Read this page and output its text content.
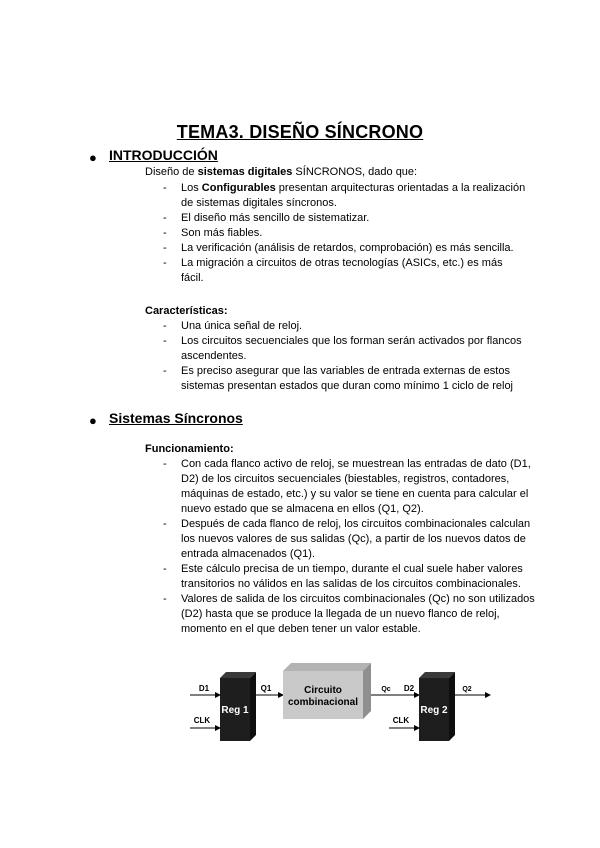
TEMA3. DISEÑO SÍNCRONO
● INTRODUCCIÓN
Diseño de sistemas digitales SÍNCRONOS, dado que:
- Los Configurables presentan arquitecturas orientadas a la realización de sistemas digitales síncronos.
- El diseño más sencillo de sistematizar.
- Son más fiables.
- La verificación (análisis de retardos, comprobación) es más sencilla.
- La migración a circuitos de otras tecnologías (ASICs, etc.) es más fácil.
Características:
- Una única señal de reloj.
- Los circuitos secuenciales que los forman serán activados por flancos ascendentes.
- Es preciso asegurar que las variables de entrada externas de estos sistemas presentan estados que duran como mínimo 1 ciclo de reloj
● Sistemas Síncronos
Funcionamiento:
- Con cada flanco activo de reloj, se muestrean las entradas de dato (D1, D2) de los circuitos secuenciales (biestables, registros, contadores, máquinas de estado, etc.) y su valor se tiene en cuenta para calcular el nuevo estado que se almacena en ellos (Q1, Q2).
- Después de cada flanco de reloj, los circuitos combinacionales calculan los nuevos valores de sus salidas (Qc), a partir de los nuevos datos de entrada almacenados (Q1).
- Este cálculo precisa de un tiempo, durante el cual suele haber valores transitorios no válidos en las salidas de los circuitos combinacionales.
- Valores de salida de los circuitos combinacionales (Qc) no son utilizados (D2) hasta que se produce la llegada de un nuevo flanco de reloj, momento en el que deben tener un valor estable.
Reg 1
D1
CLK
Q1	Circuito
combinacional
Qc D2
Reg 2
CLK
Q2
